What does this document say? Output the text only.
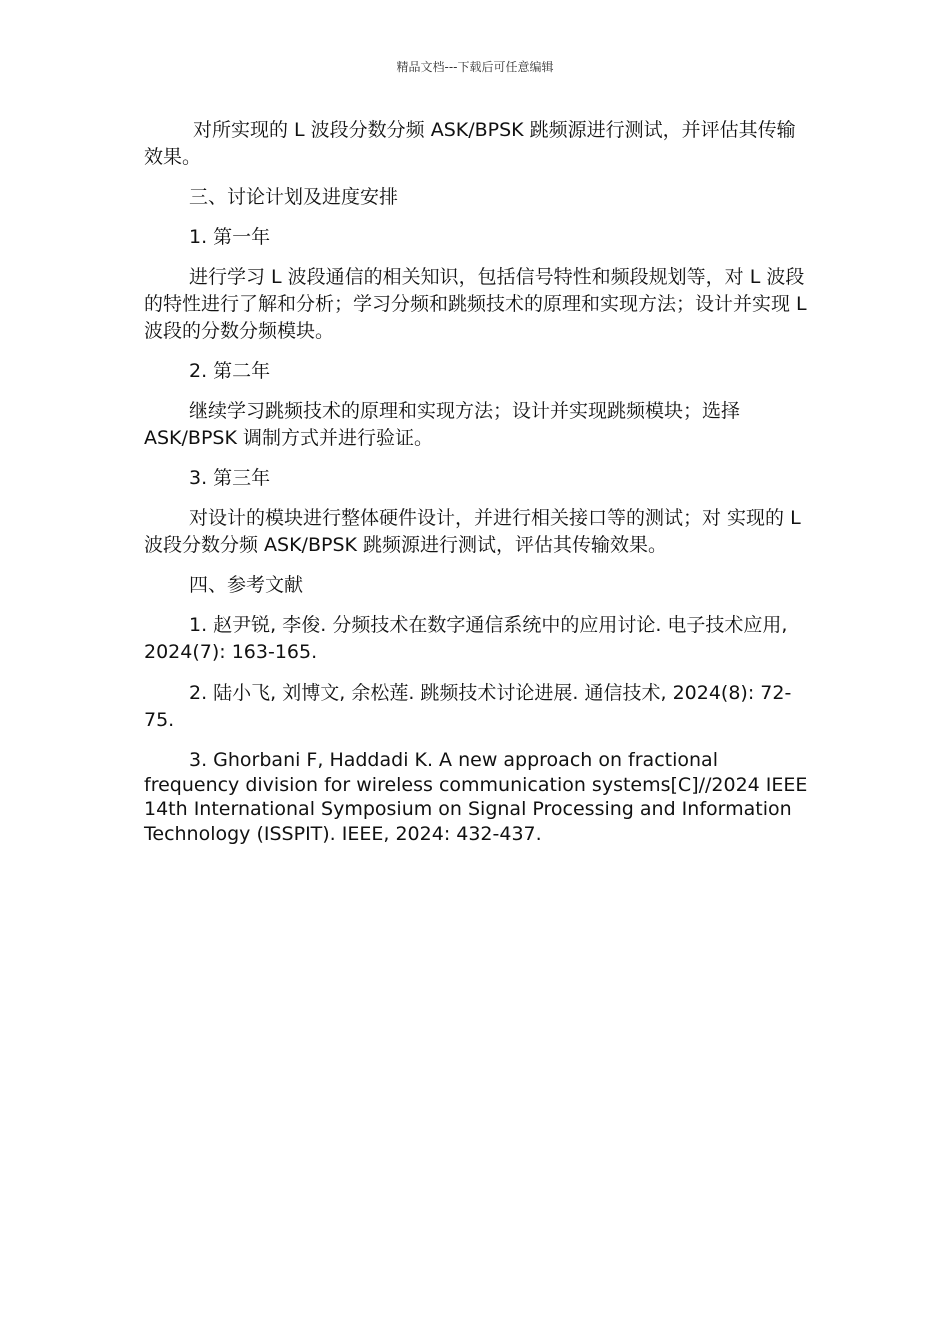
精品文档---下载后可任意编辑

对所实现的 L 波段分数分频 ASK/BPSK 跳频源进行测试，并评估其传输效果。

三、讨论计划及进度安排

1. 第一年

进行学习 L 波段通信的相关知识，包括信号特性和频段规划等，对 L 波段的特性进行了解和分析；学习分频和跳频技术的原理和实现方法；设计并实现 L 波段的分数分频模块。

2. 第二年

继续学习跳频技术的原理和实现方法；设计并实现跳频模块；选择 ASK/BPSK 调制方式并进行验证。

3. 第三年

对设计的模块进行整体硬件设计，并进行相关接口等的测试；对 实现的 L 波段分数分频 ASK/BPSK 跳频源进行测试，评估其传输效果。

四、参考文献

1. 赵尹锐, 李俊. 分频技术在数字通信系统中的应用讨论. 电子技术应用, 2024(7): 163-165.

2. 陆小飞, 刘博文, 余松莲. 跳频技术讨论进展. 通信技术, 2024(8): 72-75.

3. Ghorbani F, Haddadi K. A new approach on fractional frequency division for wireless communication systems[C]//2024 IEEE 14th International Symposium on Signal Processing and Information Technology (ISSPIT). IEEE, 2024: 432-437.
